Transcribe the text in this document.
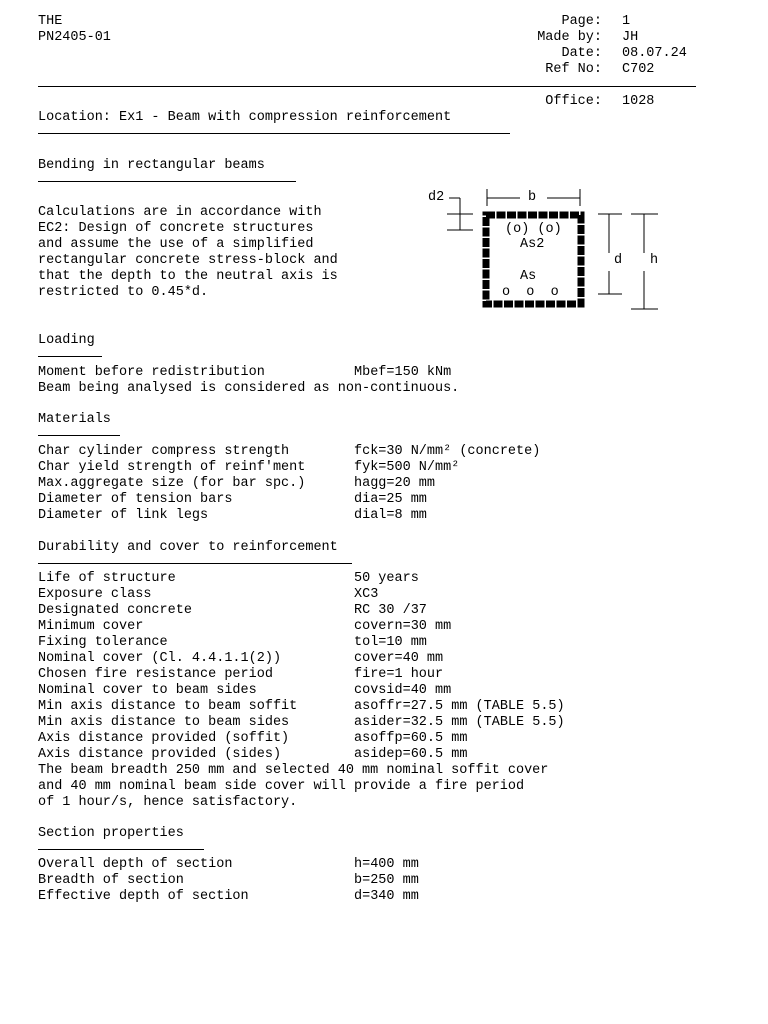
THE
PN2405-01
Page: 1
Made by: JH
Date: 08.07.24
Ref No: C702
Office: 1028
Location: Ex1 - Beam with compression reinforcement
Bending in rectangular beams
Calculations are in accordance with
EC2: Design of concrete structures
and assume the use of a simplified
rectangular concrete stress-block and
that the depth to the neutral axis is
restricted to 0.45*d.
d2	b
(o) (o)
As2
As
o  o  o
d h
Loading
Moment before redistribution	Mbef=150 kNm
Beam being analysed is considered as non-continuous.
Materials
Char cylinder compress strength	fck=30 N/mm² (concrete)
Char yield strength of reinf'ment	fyk=500 N/mm²
Max.aggregate size (for bar spc.)	hagg=20 mm
Diameter of tension bars	dia=25 mm
Diameter of link legs	dial=8 mm
Durability and cover to reinforcement
Life of structure	50 years
Exposure class	XC3
Designated concrete	RC 30 /37
Minimum cover	covern=30 mm
Fixing tolerance	tol=10 mm
Nominal cover (Cl. 4.4.1.1(2))	cover=40 mm
Chosen fire resistance period	fire=1 hour
Nominal cover to beam sides	covsid=40 mm
Min axis distance to beam soffit	asoffr=27.5 mm (TABLE 5.5)
Min axis distance to beam sides	asider=32.5 mm (TABLE 5.5)
Axis distance provided (soffit)	asoffp=60.5 mm
Axis distance provided (sides)	asidep=60.5 mm
The beam breadth 250 mm and selected 40 mm nominal soffit cover
and 40 mm nominal beam side cover will provide a fire period
of 1 hour/s, hence satisfactory.
Section properties
Overall depth of section	h=400 mm
Breadth of section	b=250 mm
Effective depth of section	d=340 mm
